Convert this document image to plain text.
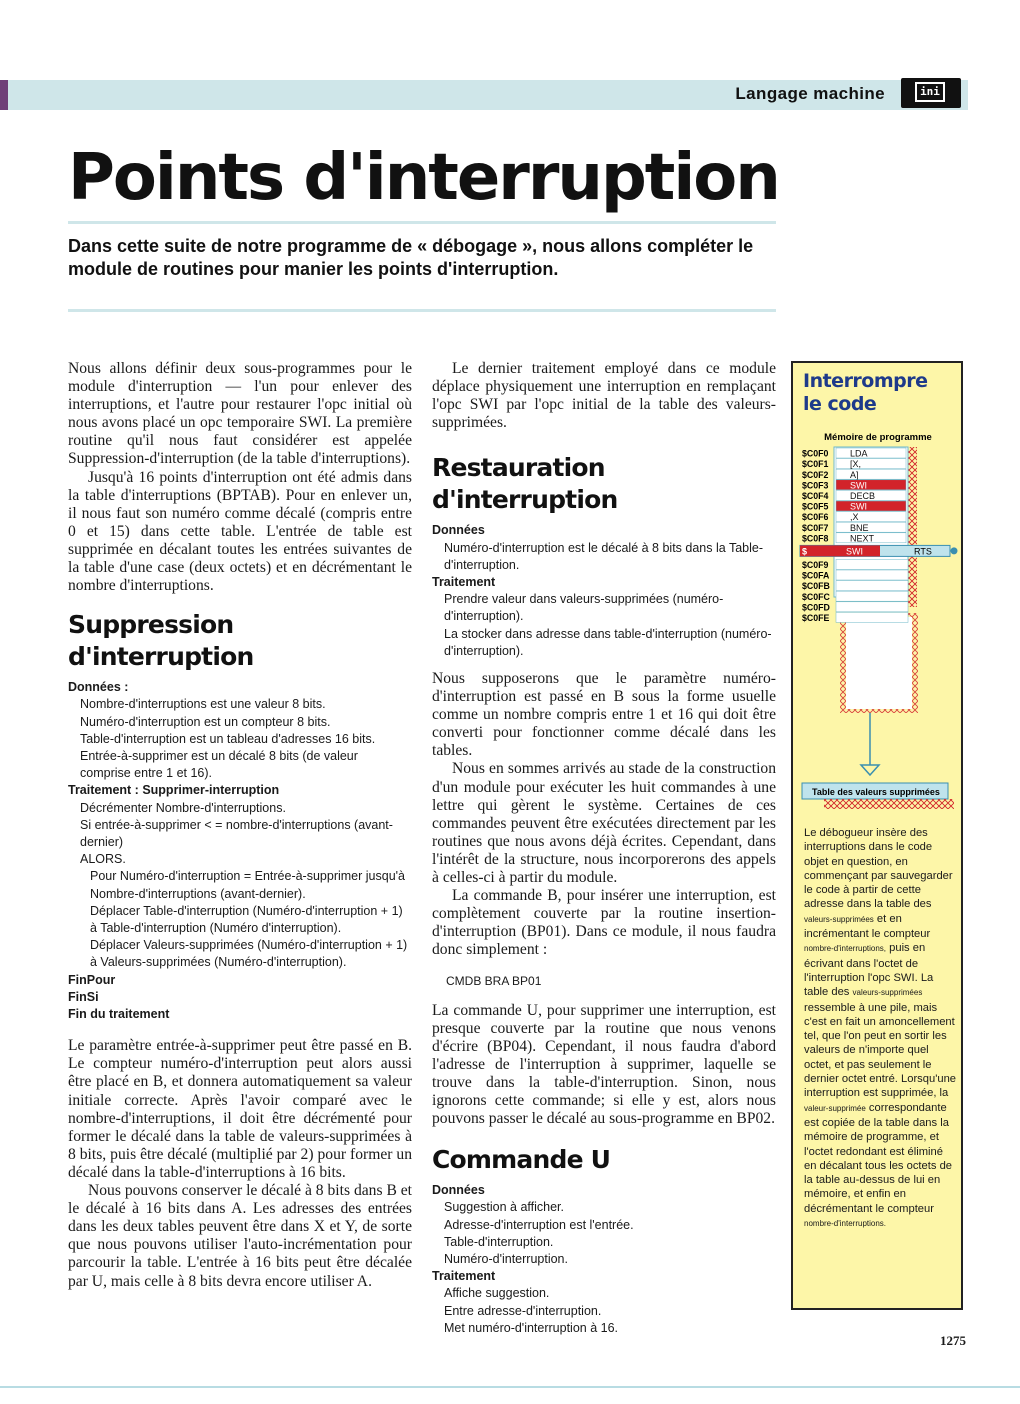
Langage machine	ini
Points d'interruption
Dans cette suite de notre programme de « débogage », nous allons compléter le module de routines pour manier les points d'interruption.

Nous allons définir deux sous-programmes pour le module d'interruption — l'un pour enlever des interruptions, et l'autre pour restaurer l'opc initial où nous avons placé un opc temporaire SWI. La première routine qu'il nous faut considérer est appelée Suppression-d'interruption (de la table d'interruptions).

Jusqu'à 16 points d'interruption ont été admis dans la table d'interruptions (BPTAB). Pour en enlever un, il nous faut son numéro comme décalé (compris entre 0 et 15) dans cette table. L'entrée de table est supprimée en décalant toutes les entrées suivantes de la table d'une case (deux octets) et en décrémentant le nombre d'interruptions.

Suppression d'interruption
Données :
Nombre-d'interruptions est une valeur 8 bits.
Numéro-d'interruption est un compteur 8 bits.
Table-d'interruption est un tableau d'adresses 16 bits.
Entrée-à-supprimer est un décalé 8 bits (de valeur comprise entre 1 et 16).
Traitement : Supprimer-interruption
Décrémenter Nombre-d'interruptions.
Si entrée-à-supprimer < = nombre-d'interruptions (avant-dernier)
ALORS.
Pour Numéro-d'interruption = Entrée-à-supprimer jusqu'à Nombre-d'interruptions (avant-dernier).
Déplacer Table-d'interruption (Numéro-d'interruption + 1) à Table-d'interruption (Numéro d'interruption).
Déplacer Valeurs-supprimées (Numéro-d'interruption + 1) à Valeurs-supprimées (Numéro-d'interruption).
FinPour
FinSi
Fin du traitement

Le paramètre entrée-à-supprimer peut être passé en B. Le compteur numéro-d'interruption peut alors aussi être placé en B, et donnera automatiquement sa valeur initiale correcte. Après l'avoir comparé avec le nombre-d'interruptions, il doit être décrémenté pour former le décalé dans la table de valeurs-supprimées à 8 bits, puis être décalé (multiplié par 2) pour former un décalé dans la table-d'interruptions à 16 bits.

Nous pouvons conserver le décalé à 8 bits dans B et le décalé à 16 bits dans A. Les adresses des entrées dans les deux tables peuvent être dans X et Y, de sorte que nous pouvons utiliser l'auto-incrémentation pour parcourir la table. L'entrée à 16 bits peut être décalée par U, mais celle à 8 bits devra encore utiliser A.

Le dernier traitement employé dans ce module déplace physiquement une interruption en remplaçant l'opc SWI par l'opc initial de la table des valeurs-supprimées.

Restauration d'interruption
Données
Numéro-d'interruption est le décalé à 8 bits dans la Table-d'interruption.
Traitement
Prendre valeur dans valeurs-supprimées (numéro-d'interruption).
La stocker dans adresse dans table-d'interruption (numéro-d'interruption).

Nous supposerons que le paramètre numéro-d'interruption est passé en B sous la forme usuelle comme un nombre compris entre 1 et 16 qui doit être converti pour fonctionner comme décalé dans les tables.

Nous en sommes arrivés au stade de la construction d'un module pour exécuter les huit commandes à une lettre qui gèrent le système. Certaines de ces commandes peuvent être exécutées directement par les routines que nous avons déjà écrites. Cependant, dans l'intérêt de la structure, nous incorporerons des appels à celles-ci à partir du module.

La commande B, pour insérer une interruption, est complètement couverte par la routine insertion-d'interruption (BP01). Dans ce module, il nous faudra donc simplement :

CMDB BRA BP01

La commande U, pour supprimer une interruption, est presque couverte par la routine que nous venons d'écrire (BP04). Cependant, il nous faudra d'abord l'adresse de l'interruption à supprimer, laquelle se trouve dans la table-d'interruption. Sinon, nous ignorons cette commande; si elle y est, alors nous pouvons passer le décalé au sous-programme en BP02.

Commande U
Données
Suggestion à afficher.
Adresse-d'interruption est l'entrée.
Table-d'interruption.
Numéro-d'interruption.
Traitement
Affiche suggestion.
Entre adresse-d'interruption.
Met numéro-d'interruption à 16.
Interrompre
le code
Mémoire de programme
$C0F0 LDA
$C0F1 [X,
$C0F2 A]
$C0F3 SWI
$C0F4 DECB
$C0F5 SWI
$C0F6 ,X
$C0F7 BNE
$C0F8 NEXT
$	SWI	RTS
$C0F9
$C0FA
$C0FB
$C0FC
$C0FD
$C0FE
Table des valeurs supprimées
Le débogueur insère des interruptions dans le code objet en question, en commençant par sauvegarder le code à partir de cette adresse dans la table des valeurs-supprimées et en incrémentant le compteur nombre-d'interruptions, puis en écrivant dans l'octet de l'interruption l'opc SWI. La table des valeurs-supprimées ressemble à une pile, mais c'est en fait un amoncellement tel, que l'on peut en sortir les valeurs de n'importe quel octet, et pas seulement le dernier octet entré. Lorsqu'une interruption est supprimée, la valeur-supprimée correspondante est copiée de la table dans la mémoire de programme, et l'octet redondant est éliminé en décalant tous les octets de la table au-dessus de lui en mémoire, et enfin en décrémentant le compteur nombre-d'interruptions.
1275
